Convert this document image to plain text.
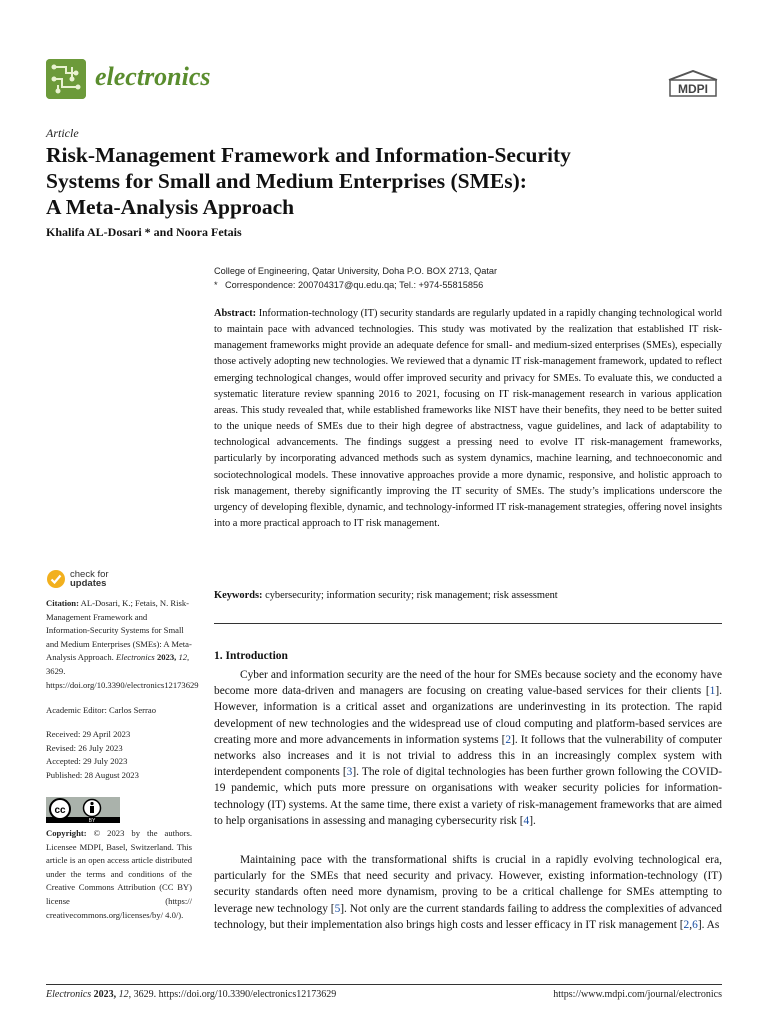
electronics	MDPI
Article
Risk-Management Framework and Information-Security
Systems for Small and Medium Enterprises (SMEs):
A Meta-Analysis Approach
Khalifa AL-Dosari * and Noora Fetais
College of Engineering, Qatar University, Doha P.O. BOX 2713, Qatar
* Correspondence: 200704317@qu.edu.qa; Tel.: +974-55815856
Abstract: Information-technology (IT) security standards are regularly updated in a rapidly changing technological world to maintain pace with advanced technologies. This study was motivated by the realization that established IT risk-management frameworks might provide an adequate defence for small- and medium-sized enterprises (SMEs), especially those actively adopting new technologies. We reviewed that a dynamic IT risk-management framework, updated to reflect emerging technological changes, would offer improved security and privacy for SMEs. To evaluate this, we conducted a systematic literature review spanning 2016 to 2021, focusing on IT risk-management research in various application areas. This study revealed that, while established frameworks like NIST have their benefits, they need to be better suited to the unique needs of SMEs due to their high degree of abstractness, vague guidelines, and lack of adaptability to technological advancements. The findings suggest a pressing need to evolve IT risk-management frameworks, particularly by incorporating advanced methods such as system dynamics, machine learning, and technoeconomic and sociotechnological models. These innovative approaches provide a more dynamic, responsive, and holistic approach to risk management, thereby significantly improving the IT security of SMEs. The study’s implications underscore the urgency of developing flexible, dynamic, and technology-informed IT risk-management strategies, offering novel insights into a more practical approach to IT risk management.
Keywords: cybersecurity; information security; risk management; risk assessment
1. Introduction
Cyber and information security are the need of the hour for SMEs because society and the economy have become more data-driven and managers are focusing on creating value-based services for their clients [1]. However, information is a critical asset and organizations are underinvesting in its protection. The rapid development of new technologies and the widespread use of cloud computing and platform-based services are creating more and more advancements in information systems [2]. It follows that the vulnerability of computer networks also increases and it is not trivial to address this in an increasingly complex system with interdependent components [3]. The role of digital technologies has been further grown following the COVID-19 pandemic, which puts more pressure on organisations with weaker security policies for information-technology (IT) systems. At the same time, there exist a variety of risk-management frameworks that are aimed to help organisations in assessing and managing cybersecurity risk [4].
Maintaining pace with the transformational shifts is crucial in a rapidly evolving technological era, particularly for the SMEs that need security and privacy. However, existing information-technology (IT) security standards often need more dynamism, proving to be a critical challenge for SMEs attempting to leverage new technology [5]. Not only are the current standards failing to address the complexities of advanced technology, but their implementation also brings high costs and lesser efficacy in IT risk management [2,6]. As
check for
updates
Citation: AL-Dosari, K.; Fetais, N. Risk-Management Framework and Information-Security Systems for Small and Medium Enterprises (SMEs): A Meta-Analysis Approach. Electronics 2023, 12, 3629. https://doi.org/10.3390/electronics12173629
Academic Editor: Carlos Serrao
Received: 29 April 2023
Revised: 26 July 2023
Accepted: 29 July 2023
Published: 28 August 2023
cc
BY
Copyright: © 2023 by the authors. Licensee MDPI, Basel, Switzerland. This article is an open access article distributed under the terms and conditions of the Creative Commons Attribution (CC BY) license (https:// creativecommons.org/licenses/by/ 4.0/).
Electronics 2023, 12, 3629. https://doi.org/10.3390/electronics12173629	https://www.mdpi.com/journal/electronics
